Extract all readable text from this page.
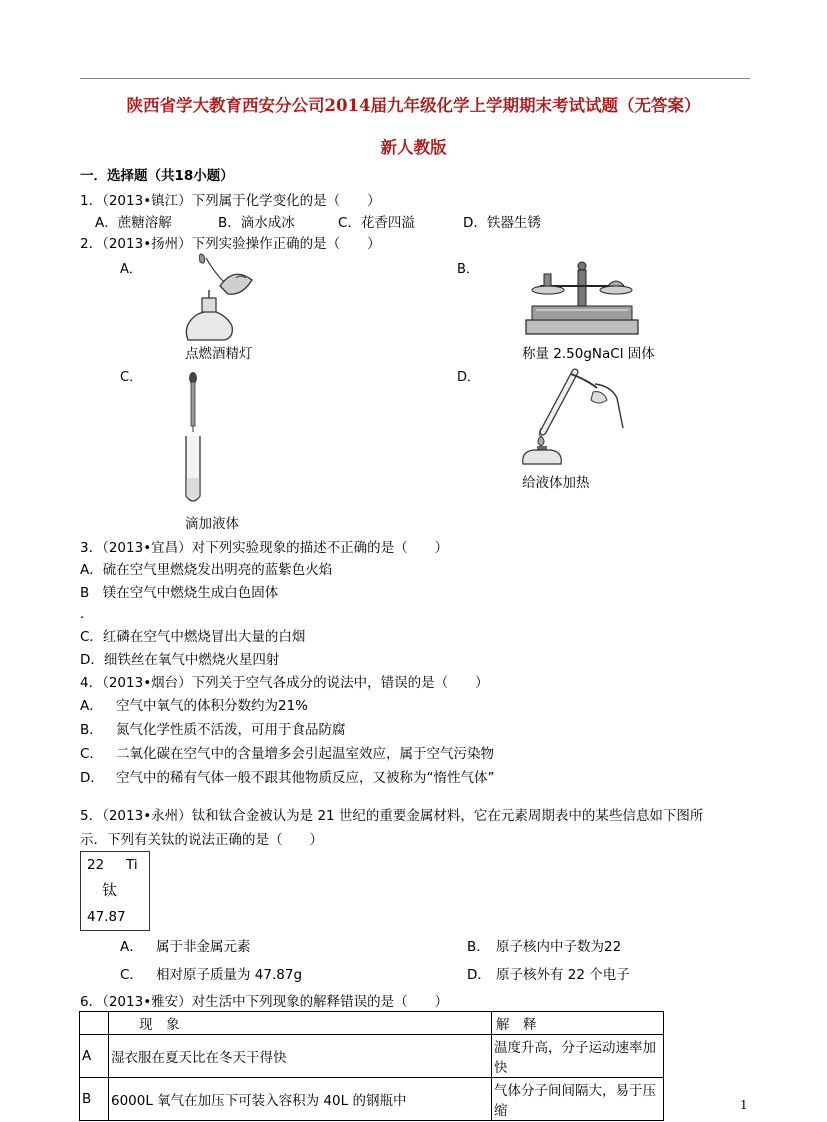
陕西省学大教育西安分公司2014届九年级化学上学期期末考试试题（无答案）
新人教版
一．选择题（共18小题）
1．（2013•镇江）下列属于化学变化的是（　　）
A．蔗糖溶解	B．滴水成冰	C．花香四溢	D．铁器生锈
2．（2013•扬州）下列实验操作正确的是（　　）
A．	B．
C．	D．
点燃酒精灯	称量 2.50gNaCl 固体
滴加液体
给液体加热
3．（2013•宜昌）对下列实验现象的描述不正确的是（　　）
A．硫在空气里燃烧发出明亮的蓝紫色火焰
B　镁在空气中燃烧生成白色固体
．
C．红磷在空气中燃烧冒出大量的白烟
D．细铁丝在氧气中燃烧火星四射
4．（2013•烟台）下列关于空气各成分的说法中，错误的是（　　）
A． 空气中氧气的体积分数约为21%
B． 氮气化学性质不活泼，可用于食品防腐
C． 二氧化碳在空气中的含量增多会引起温室效应，属于空气污染物
D． 空气中的稀有气体一般不跟其他物质反应，又被称为“惰性气体”
5．（2013•永州）钛和钛合金被认为是 21 世纪的重要金属材料，它在元素周期表中的某些信息如下图所
示．下列有关钛的说法正确的是（　　）
22 Ti
钛
47.87
A． 属于非金属元素	B． 原子核内中子数为22
C． 相对原子质量为 47.87g	D． 原子核外有 22 个电子
6．（2013•雅安）对生活中下列现象的解释错误的是（　　）
	现　象	解　释
A	湿衣服在夏天比在冬天干得快	温度升高，分子运动速率加快
B	6000L 氧气在加压下可装入容积为 40L 的钢瓶中	气体分子间间隔大，易于压缩	1
